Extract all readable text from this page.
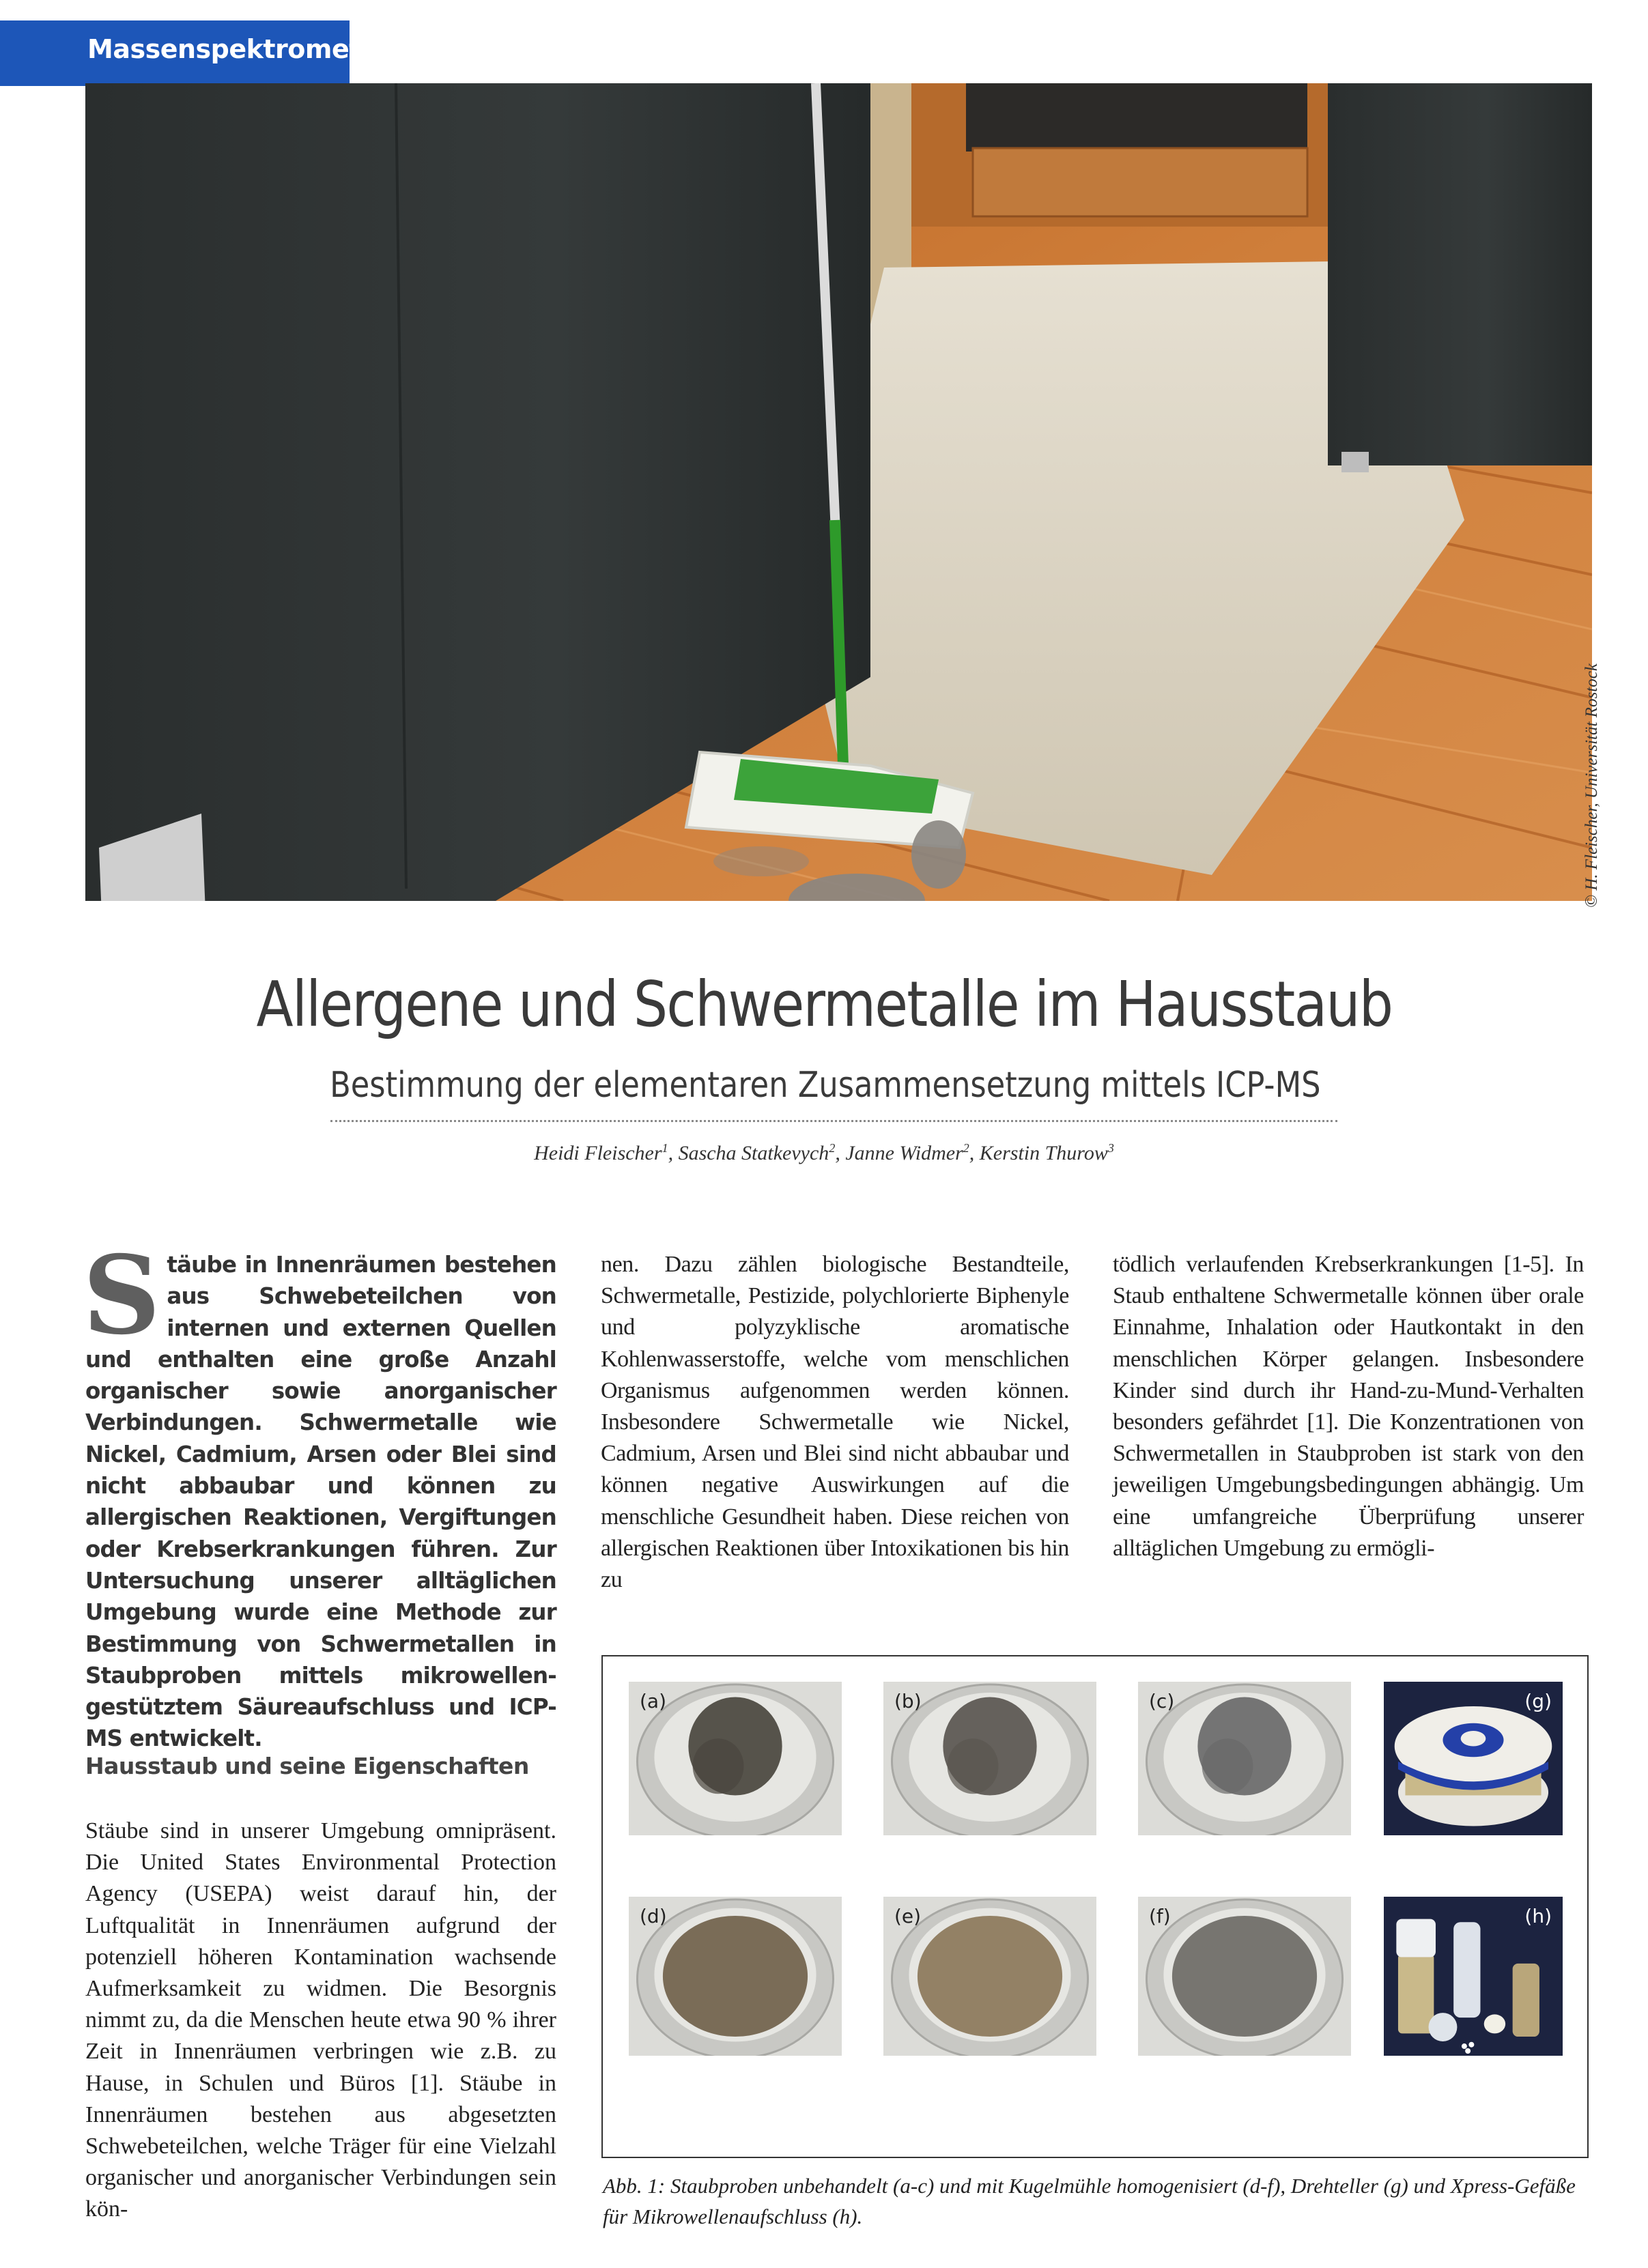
Massenspektrometrie
© H. Fleischer, Universität Rostock
Allergene und Schwermetalle im Hausstaub
Bestimmung der elementaren Zusammensetzung mittels ICP-MS
Heidi Fleischer$^1$, Sascha Statkevych$^2$, Janne Widmer$^2$, Kerstin Thurow$^3$
Stäube in Innenräumen bestehen aus Schwebeteilchen von internen und externen Quellen und enthalten eine große Anzahl organischer sowie anorganischer Verbindungen. Schwermetalle wie Nickel, Cadmium, Arsen oder Blei sind nicht abbaubar und können zu allergischen Reaktionen, Vergiftungen oder Krebserkrankungen führen. Zur Untersuchung unserer alltäglichen Umgebung wurde eine Methode zur Bestimmung von Schwermetallen in Staubproben mittels mikrowellen-gestütztem Säureaufschluss und ICP-MS entwickelt.
Hausstaub und seine Eigenschaften
Stäube sind in unserer Umgebung omnipräsent. Die United States Environmental Protection Agency (USEPA) weist darauf hin, der Luftqualität in Innenräumen aufgrund der potenziell höheren Kontamination wachsende Aufmerksamkeit zu widmen. Die Besorgnis nimmt zu, da die Menschen heute etwa 90 % ihrer Zeit in Innenräumen verbringen wie z.B. zu Hause, in Schulen und Büros [1]. Stäube in Innenräumen bestehen aus abgesetzten Schwebeteilchen, welche Träger für eine Vielzahl organischer und anorganischer Verbindungen sein kön-
nen. Dazu zählen biologische Bestandteile, Schwermetalle, Pestizide, polychlorierte Biphenyle und polyzyklische aromatische Kohlenwasserstoffe, welche vom menschlichen Organismus aufgenommen werden können. Insbesondere Schwermetalle wie Nickel, Cadmium, Arsen und Blei sind nicht abbaubar und können negative Auswirkungen auf die menschliche Gesundheit haben. Diese reichen von allergischen Reaktionen über Intoxikationen bis hin zu
tödlich verlaufenden Krebserkrankungen [1-5]. In Staub enthaltene Schwermetalle können über orale Einnahme, Inhalation oder Hautkontakt in den menschlichen Körper gelangen. Insbesondere Kinder sind durch ihr Hand-zu-Mund-Verhalten besonders gefährdet [1]. Die Konzentrationen von Schwermetallen in Staubproben ist stark von den jeweiligen Umgebungsbedingungen abhängig. Um eine umfangreiche Überprüfung unserer alltäglichen Umgebung zu ermögli-
(a)	(b)	(c)	(g)
(d)	(e)	(f)	(h)
Abb. 1: Staubproben unbehandelt (a-c) und mit Kugelmühle homogenisiert (d-f), Drehteller (g) und Xpress-Gefäße für Mikrowellenaufschluss (h).
